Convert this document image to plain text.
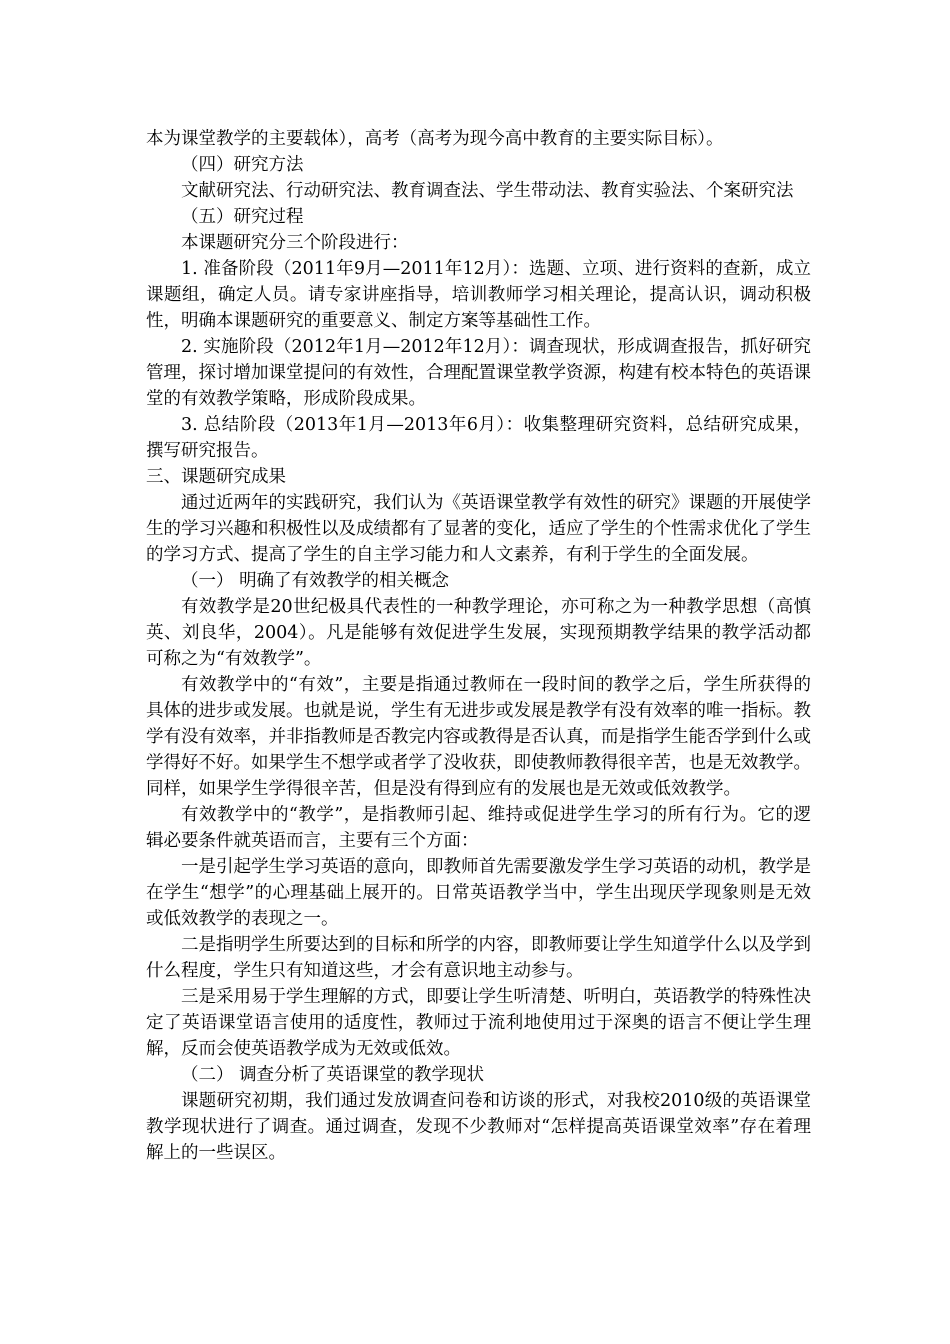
本为课堂教学的主要载体），高考（高考为现今高中教育的主要实际目标）。

（四）研究方法

文献研究法、行动研究法、教育调查法、学生带动法、教育实验法、个案研究法

（五）研究过程

本课题研究分三个阶段进行：

1. 准备阶段（2011年9月—2011年12月）：选题、立项、进行资料的查新，成立课题组，确定人员。请专家讲座指导，培训教师学习相关理论，提高认识，调动积极性，明确本课题研究的重要意义、制定方案等基础性工作。

2. 实施阶段（2012年1月—2012年12月）：调查现状，形成调查报告，抓好研究管理，探讨增加课堂提问的有效性，合理配置课堂教学资源，构建有校本特色的英语课堂的有效教学策略，形成阶段成果。

3. 总结阶段（2013年1月—2013年6月）：收集整理研究资料，总结研究成果，撰写研究报告。

三、课题研究成果

通过近两年的实践研究，我们认为《英语课堂教学有效性的研究》课题的开展使学生的学习兴趣和积极性以及成绩都有了显著的变化，适应了学生的个性需求优化了学生的学习方式、提高了学生的自主学习能力和人文素养，有利于学生的全面发展。

（一） 明确了有效教学的相关概念

有效教学是20世纪极具代表性的一种教学理论，亦可称之为一种教学思想（高慎英、刘良华，2004）。凡是能够有效促进学生发展，实现预期教学结果的教学活动都可称之为“有效教学”。

有效教学中的“有效”，主要是指通过教师在一段时间的教学之后，学生所获得的具体的进步或发展。也就是说，学生有无进步或发展是教学有没有效率的唯一指标。教学有没有效率，并非指教师是否教完内容或教得是否认真，而是指学生能否学到什么或学得好不好。如果学生不想学或者学了没收获，即使教师教得很辛苦，也是无效教学。同样，如果学生学得很辛苦，但是没有得到应有的发展也是无效或低效教学。

有效教学中的“教学”，是指教师引起、维持或促进学生学习的所有行为。它的逻辑必要条件就英语而言，主要有三个方面：

一是引起学生学习英语的意向，即教师首先需要激发学生学习英语的动机，教学是在学生“想学”的心理基础上展开的。日常英语教学当中，学生出现厌学现象则是无效或低效教学的表现之一。

二是指明学生所要达到的目标和所学的内容，即教师要让学生知道学什么以及学到什么程度，学生只有知道这些，才会有意识地主动参与。

三是采用易于学生理解的方式，即要让学生听清楚、听明白，英语教学的特殊性决定了英语课堂语言使用的适度性，教师过于流利地使用过于深奥的语言不便让学生理解，反而会使英语教学成为无效或低效。

（二） 调查分析了英语课堂的教学现状

课题研究初期，我们通过发放调查问卷和访谈的形式，对我校2010级的英语课堂教学现状进行了调查。通过调查，发现不少教师对“怎样提高英语课堂效率”存在着理解上的一些误区。
